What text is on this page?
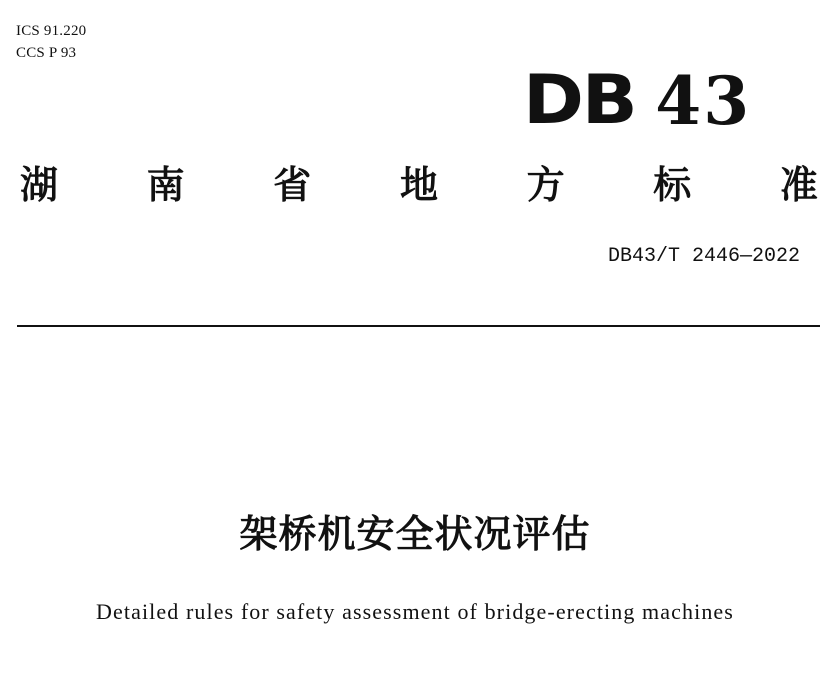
ICS 91.220
CCS P 93
DB 43
湖 南 省 地 方 标 准
DB43/T 2446—2022
架桥机安全状况评估
Detailed rules for safety assessment of bridge-erecting machines
